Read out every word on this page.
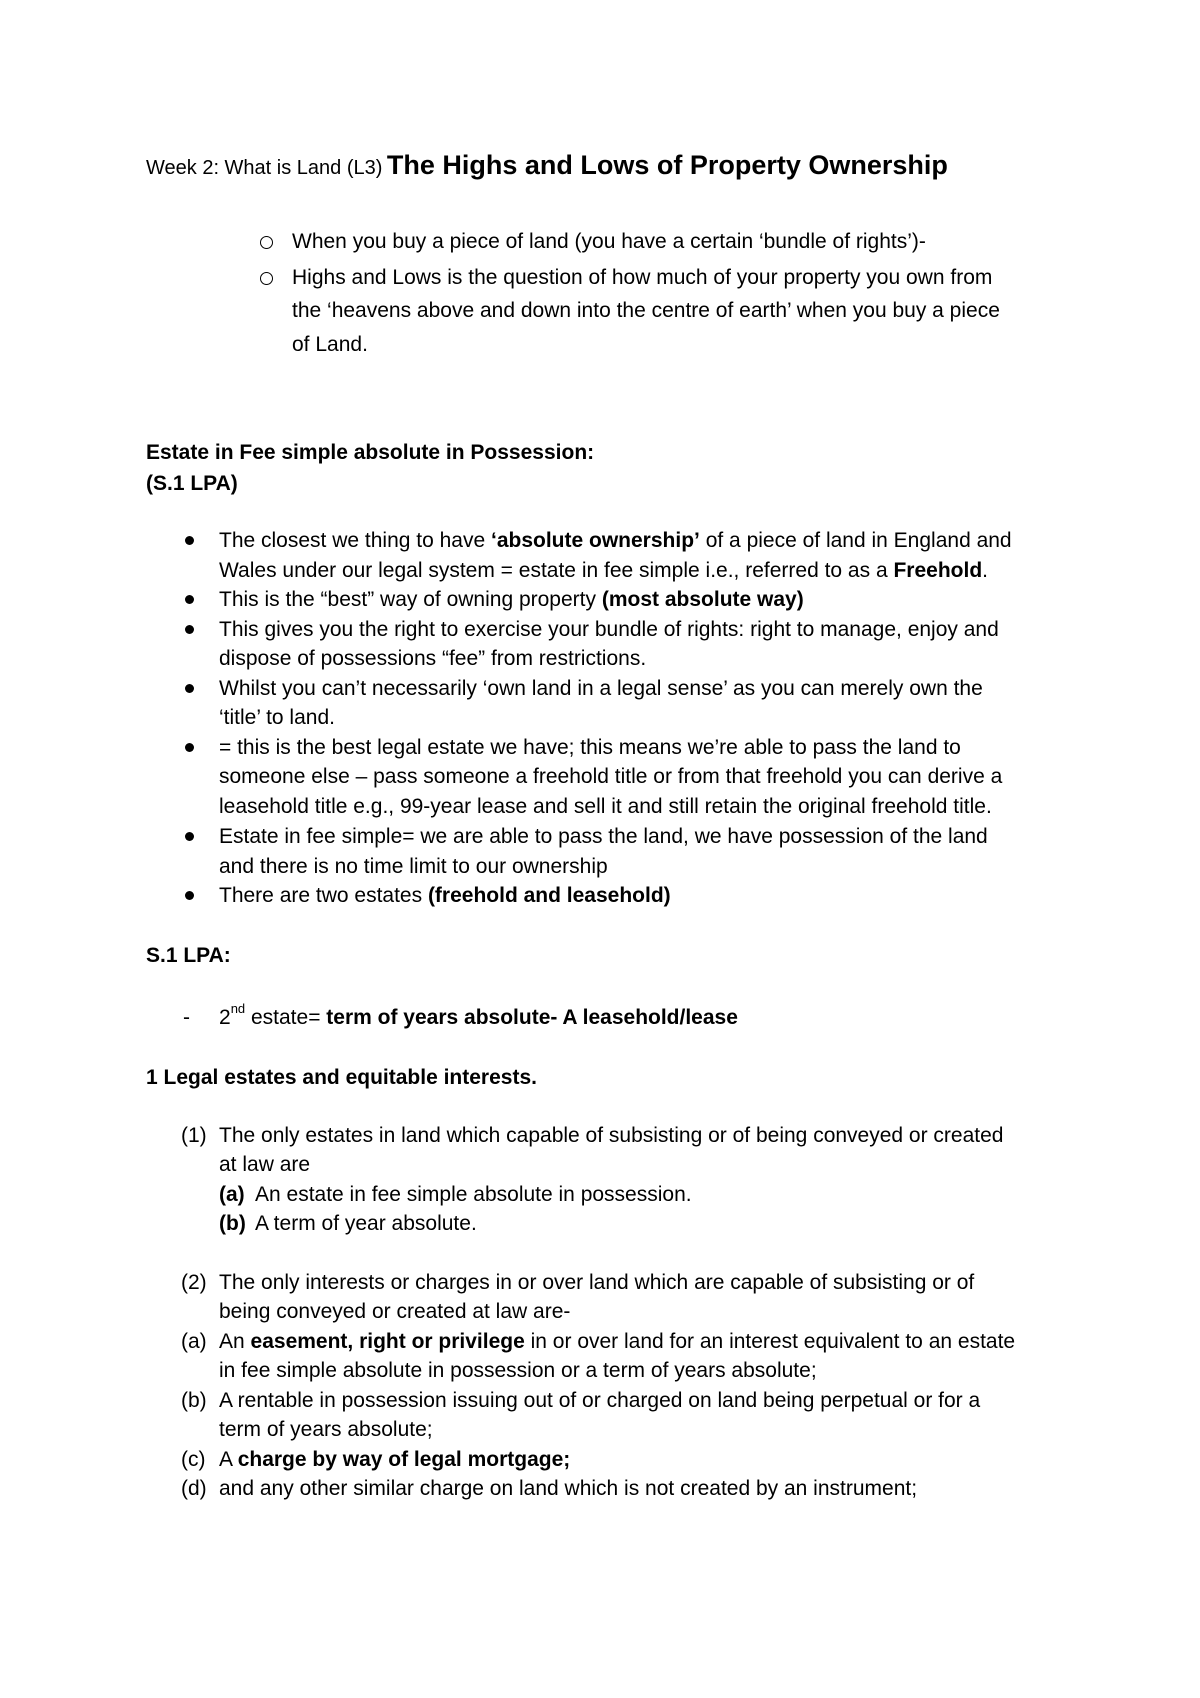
Week 2: What is Land (L3) The Highs and Lows of Property Ownership
When you buy a piece of land (you have a certain ‘bundle of rights’)-
Highs and Lows is the question of how much of your property you own from
the ‘heavens above and down into the centre of earth’ when you buy a piece
of Land.
Estate in Fee simple absolute in Possession:
(S.1 LPA)
The closest we thing to have ‘absolute ownership’ of a piece of land in England and
Wales under our legal system = estate in fee simple i.e., referred to as a Freehold.
This is the “best” way of owning property (most absolute way)
This gives you the right to exercise your bundle of rights: right to manage, enjoy and
dispose of possessions “fee” from restrictions.
Whilst you can’t necessarily ‘own land in a legal sense’ as you can merely own the
‘title’ to land.
= this is the best legal estate we have; this means we’re able to pass the land to
someone else – pass someone a freehold title or from that freehold you can derive a
leasehold title e.g., 99-year lease and sell it and still retain the original freehold title.
Estate in fee simple= we are able to pass the land, we have possession of the land
and there is no time limit to our ownership
There are two estates (freehold and leasehold)
S.1 LPA:
- 2nd estate= term of years absolute- A leasehold/lease
1 Legal estates and equitable interests.
(1) The only estates in land which capable of subsisting or of being conveyed or created
at law are
(a) An estate in fee simple absolute in possession.
(b) A term of year absolute.
(2) The only interests or charges in or over land which are capable of subsisting or of
being conveyed or created at law are-
(a) An easement, right or privilege in or over land for an interest equivalent to an estate
in fee simple absolute in possession or a term of years absolute;
(b) A rentable in possession issuing out of or charged on land being perpetual or for a
term of years absolute;
(c) A charge by way of legal mortgage;
(d) and any other similar charge on land which is not created by an instrument;
